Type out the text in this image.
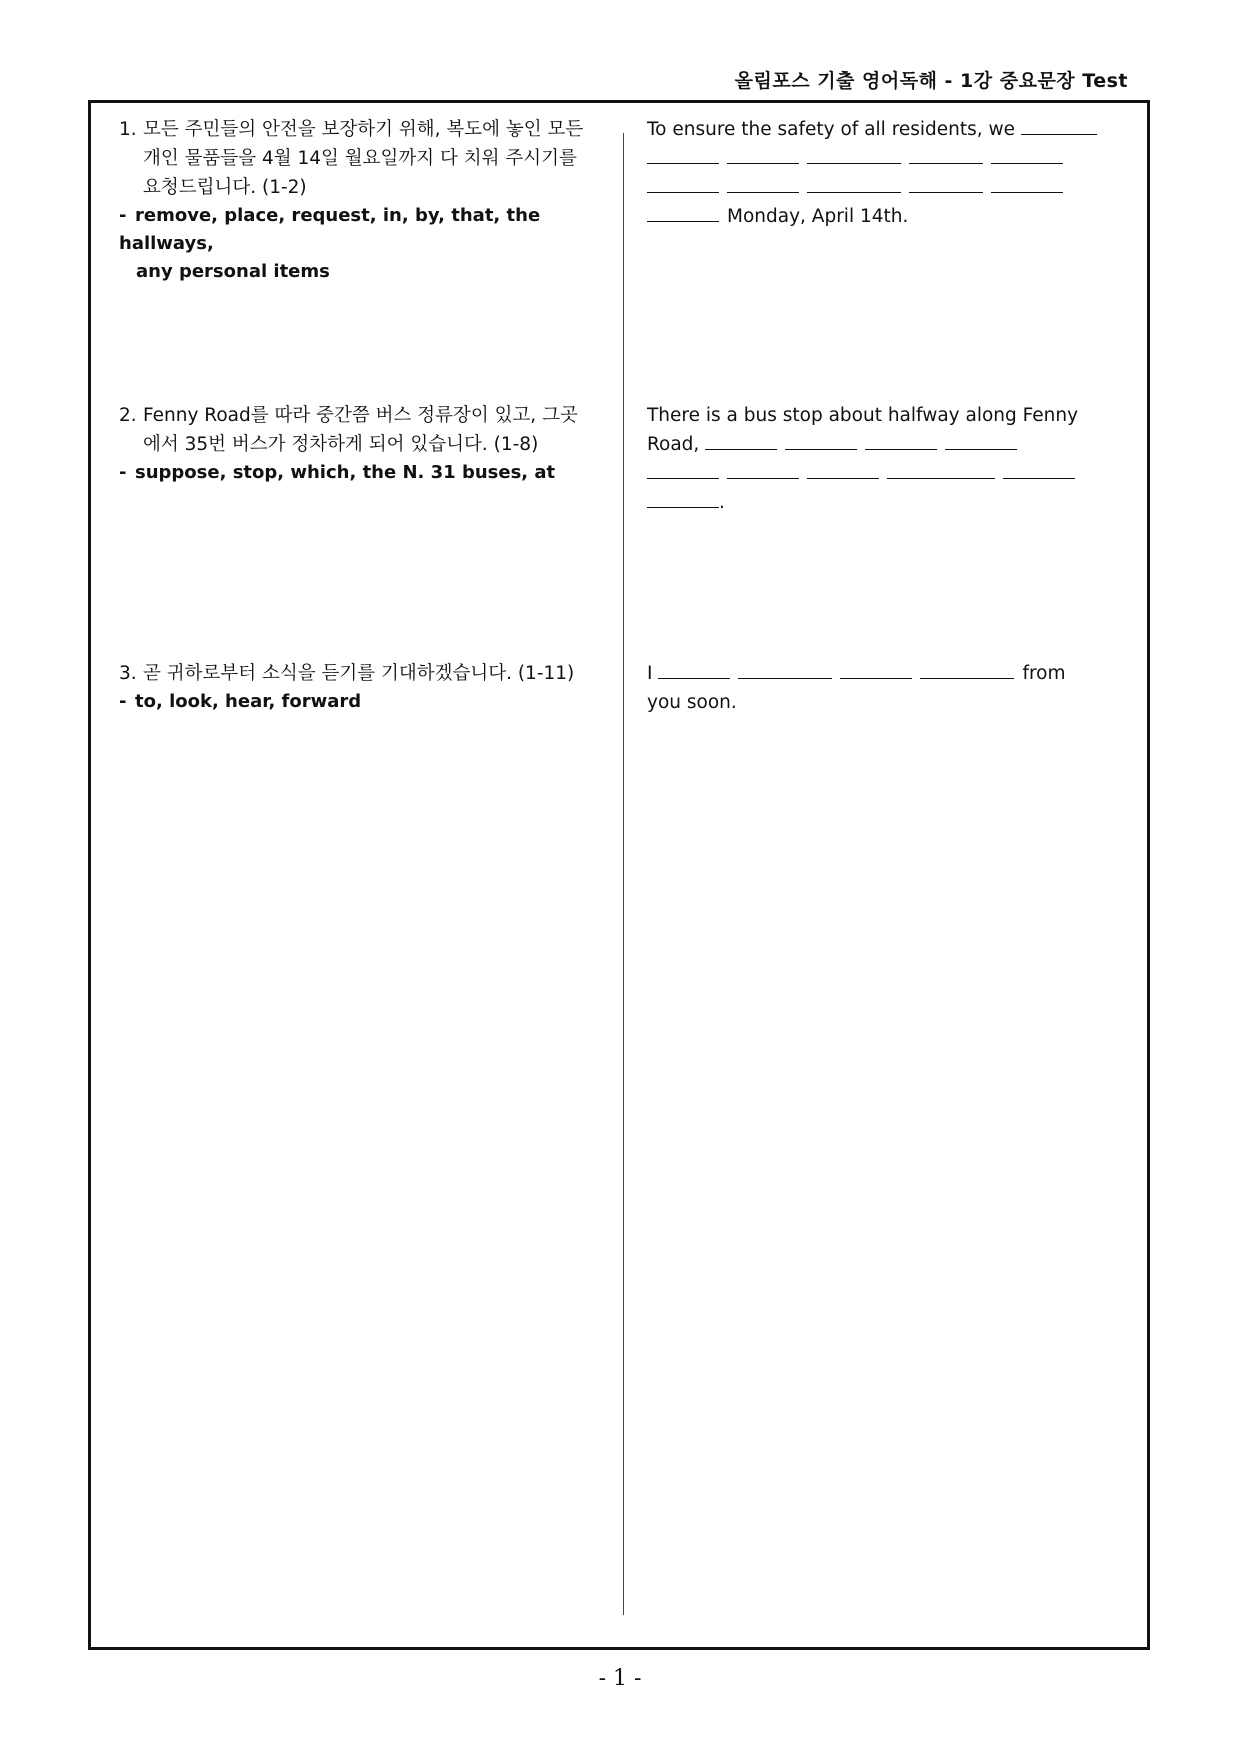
올림포스 기출 영어독해 - 1강 중요문장 Test
1. 모든 주민들의 안전을 보장하기 위해, 복도에 놓인 모든 개인 물품들을 4월 14일 월요일까지 다 치워 주시기를 요청드립니다. (1-2)
- remove, place, request, in, by, that, the hallways,
any personal items
To ensure the safety of all residents, we
Monday, April 14th.
2. Fenny Road를 따라 중간쯤 버스 정류장이 있고, 그곳에서 35번 버스가 정차하게 되어 있습니다. (1-8)
- suppose, stop, which, the N. 31 buses, at
There is a bus stop about halfway along Fenny
Road,
.
3. 곧 귀하로부터 소식을 듣기를 기대하겠습니다. (1-11)
- to, look, hear, forward
I	from
you soon.
- 1 -
